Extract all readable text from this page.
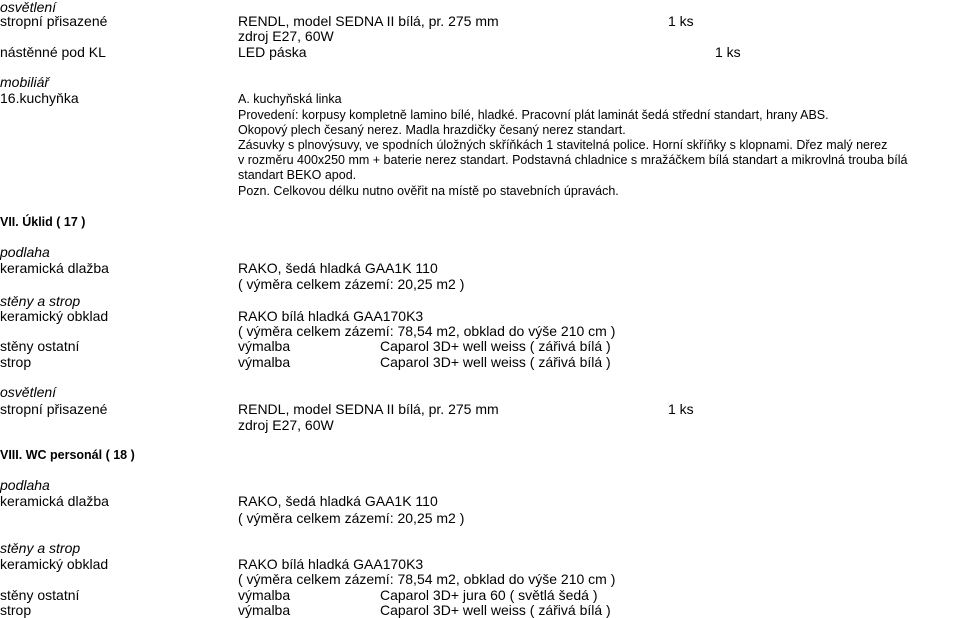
osvětlení
stropní přisazené	RENDL, model SEDNA II bílá, pr. 275 mm	1 ks
zdroj E27, 60W
nástěnné pod KL	LED páska	1 ks
mobiliář
16.kuchyňka	A. kuchyňská linka
Provedení: korpusy kompletně lamino bílé, hladké. Pracovní plát laminát šedá střední standart, hrany ABS.
Okopový plech česaný nerez. Madla hrazdičky česaný nerez standart.
Zásuvky s plnovýsuvy, ve spodních úložných skříňkách 1 stavitelná police. Horní skříňky s klopnami. Dřez malý nerez
v rozměru 400x250 mm + baterie nerez standart. Podstavná chladnice s mražáčkem bílá standart a mikrovlná trouba bílá
standart BEKO apod.
Pozn. Celkovou délku nutno ověřit na místě po stavebních úpravách.
VII. Úklid ( 17 )
podlaha
keramická dlažba	RAKO, šedá hladká GAA1K 110
( výměra celkem zázemí: 20,25 m2 )
stěny a strop
keramický obklad	RAKO bílá hladká GAA170K3
( výměra celkem zázemí: 78,54 m2, obklad do výše 210 cm )
stěny ostatní	výmalba	Caparol 3D+ well weiss ( zářivá bílá )
strop	výmalba	Caparol 3D+ well weiss ( zářivá bílá )
osvětlení
stropní přisazené	RENDL, model SEDNA II bílá, pr. 275 mm	1 ks
zdroj E27, 60W
VIII. WC personál ( 18 )
podlaha
keramická dlažba	RAKO, šedá hladká GAA1K 110
( výměra celkem zázemí: 20,25 m2 )
stěny a strop
keramický obklad	RAKO bílá hladká GAA170K3
( výměra celkem zázemí: 78,54 m2, obklad do výše 210 cm )
stěny ostatní	výmalba	Caparol 3D+ jura 60 ( světlá šedá )
strop	výmalba	Caparol 3D+ well weiss ( zářivá bílá )
